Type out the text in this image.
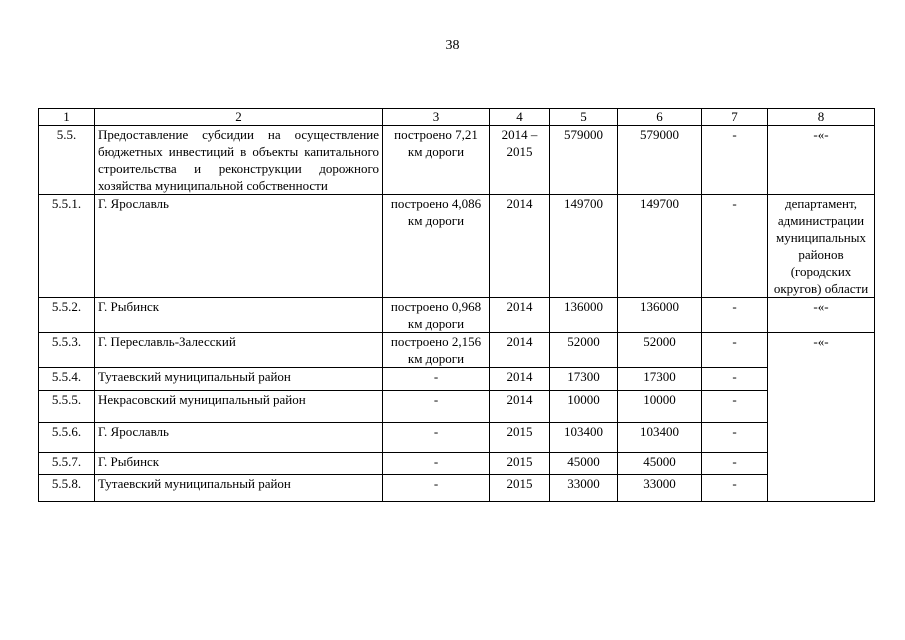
38
1	2	3	4	5	6	7	8
5.5.	Предоставление субсидии на осуществление бюджетных инвестиций в объекты капитального строительства и реконструкции дорожного хозяйства муниципальной собственности	построено 7,21 км дороги	2014 – 2015	579000	579000	-	-«-
5.5.1.	Г. Ярославль	построено 4,086 км дороги	2014	149700	149700	-	департамент, администрации муниципальных районов (городских округов) области
5.5.2.	Г. Рыбинск	построено 0,968 км дороги	2014	136000	136000	-	-«-
5.5.3.	Г. Переславль-Залесский	построено 2,156 км дороги	2014	52000	52000	-	-«-
5.5.4.	Тутаевский муниципальный район	-	2014	17300	17300	-	
5.5.5.	Некрасовский муниципальный район	-	2014	10000	10000	-	
5.5.6.	Г. Ярославль	-	2015	103400	103400	-	
5.5.7.	Г. Рыбинск	-	2015	45000	45000	-	
5.5.8.	Тутаевский муниципальный район	-	2015	33000	33000	-	
